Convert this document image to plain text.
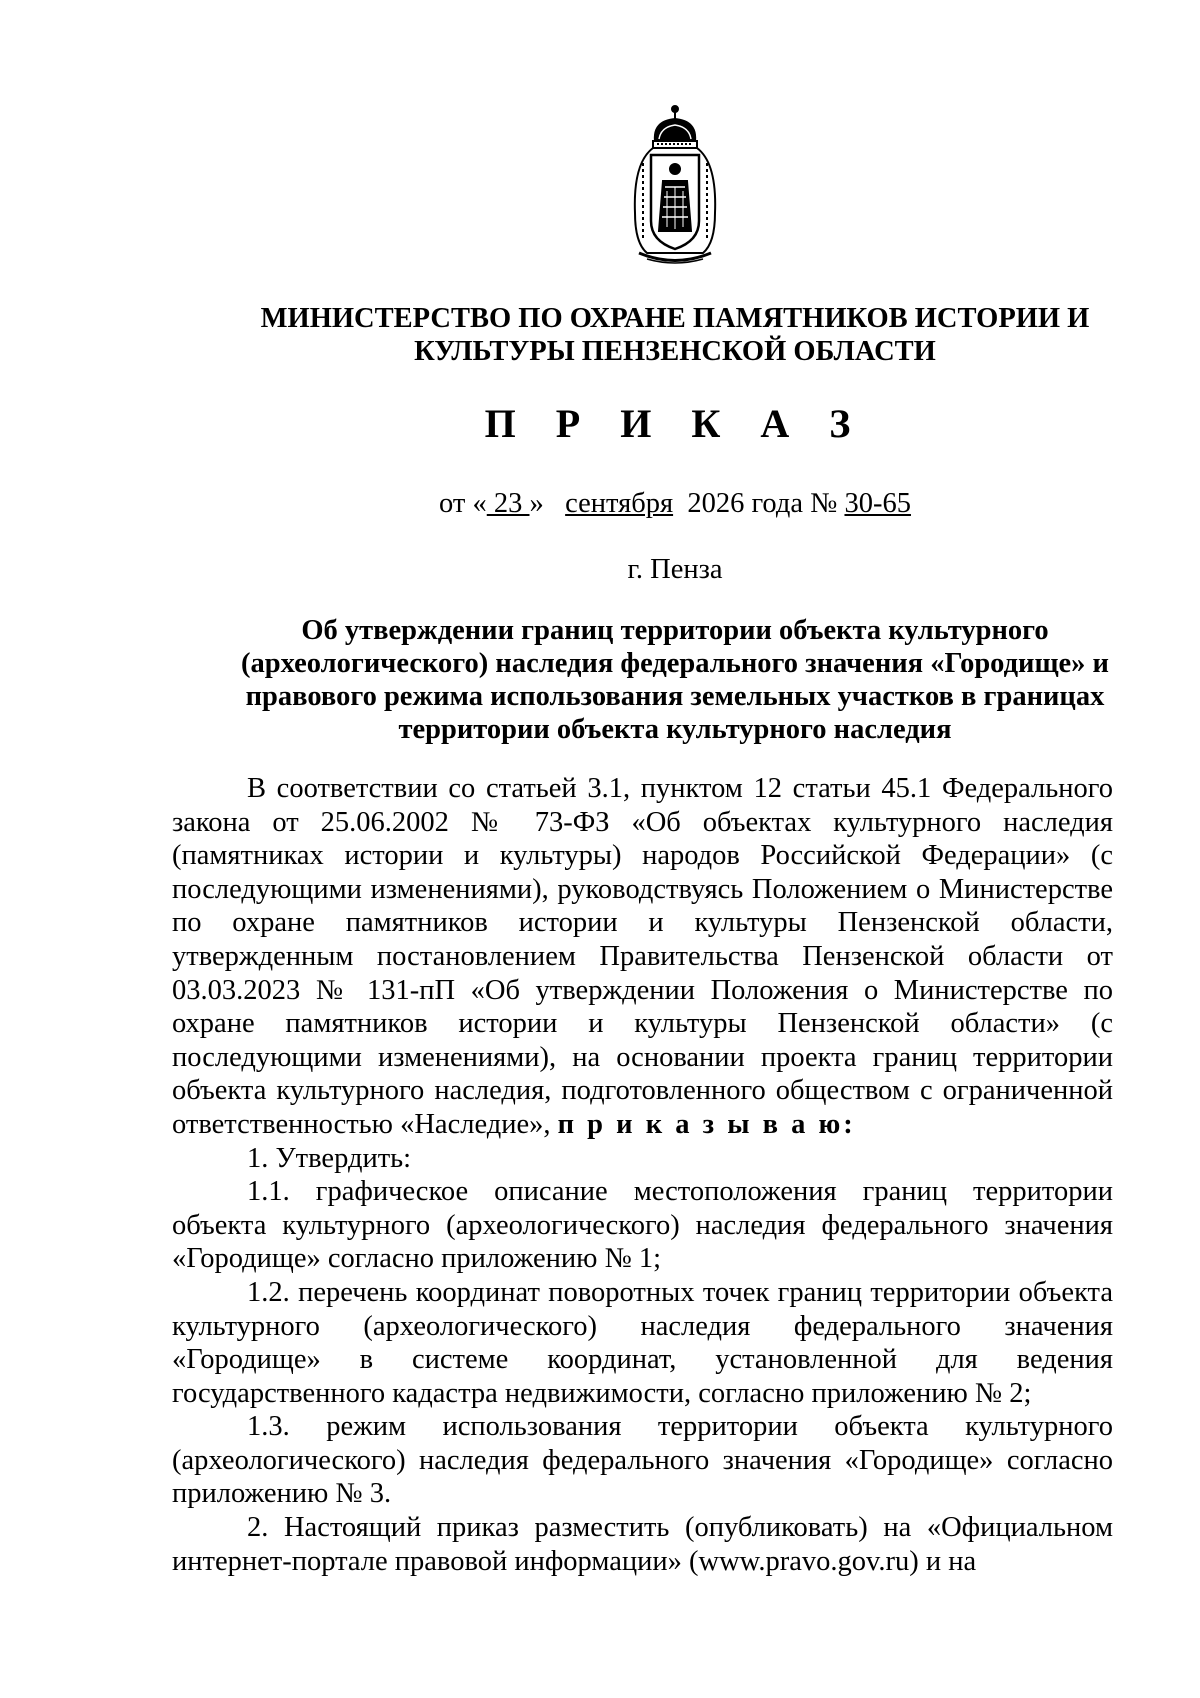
МИНИСТЕРСТВО ПО ОХРАНЕ ПАМЯТНИКОВ ИСТОРИИ И
КУЛЬТУРЫ ПЕНЗЕНСКОЙ ОБЛАСТИ
П Р И К А З
от « 23 »   сентября  2026 года № 30-65
г. Пенза
Об утверждении границ территории объекта культурного
(археологического) наследия федерального значения «Городище» и
правового режима использования земельных участков в границах
территории объекта культурного наследия

В соответствии со статьей 3.1, пунктом 12 статьи 45.1 Федерального закона от 25.06.2002 № 73-ФЗ «Об объектах культурного наследия (памятниках истории и культуры) народов Российской Федерации» (с последующими изменениями), руководствуясь Положением о Министерстве по охране памятников истории и культуры Пензенской области, утвержденным постановлением Правительства Пензенской области от 03.03.2023 № 131-пП «Об утверждении Положения о Министерстве по охране памятников истории и культуры Пензенской области» (с последующими изменениями), на основании проекта границ территории объекта культурного наследия, подготовленного обществом с ограниченной ответственностью «Наследие», п р и к а з ы в а ю:

1. Утвердить:

1.1. графическое описание местоположения границ территории объекта культурного (археологического) наследия федерального значения «Городище» согласно приложению № 1;

1.2. перечень координат поворотных точек границ территории объекта культурного (археологического) наследия федерального значения «Городище» в системе координат, установленной для ведения государственного кадастра недвижимости, согласно приложению № 2;

1.3. режим использования территории объекта культурного (археологического) наследия федерального значения «Городище» согласно приложению № 3.

2. Настоящий приказ разместить (опубликовать) на «Официальном интернет-портале правовой информации» (www.pravo.gov.ru) и на
